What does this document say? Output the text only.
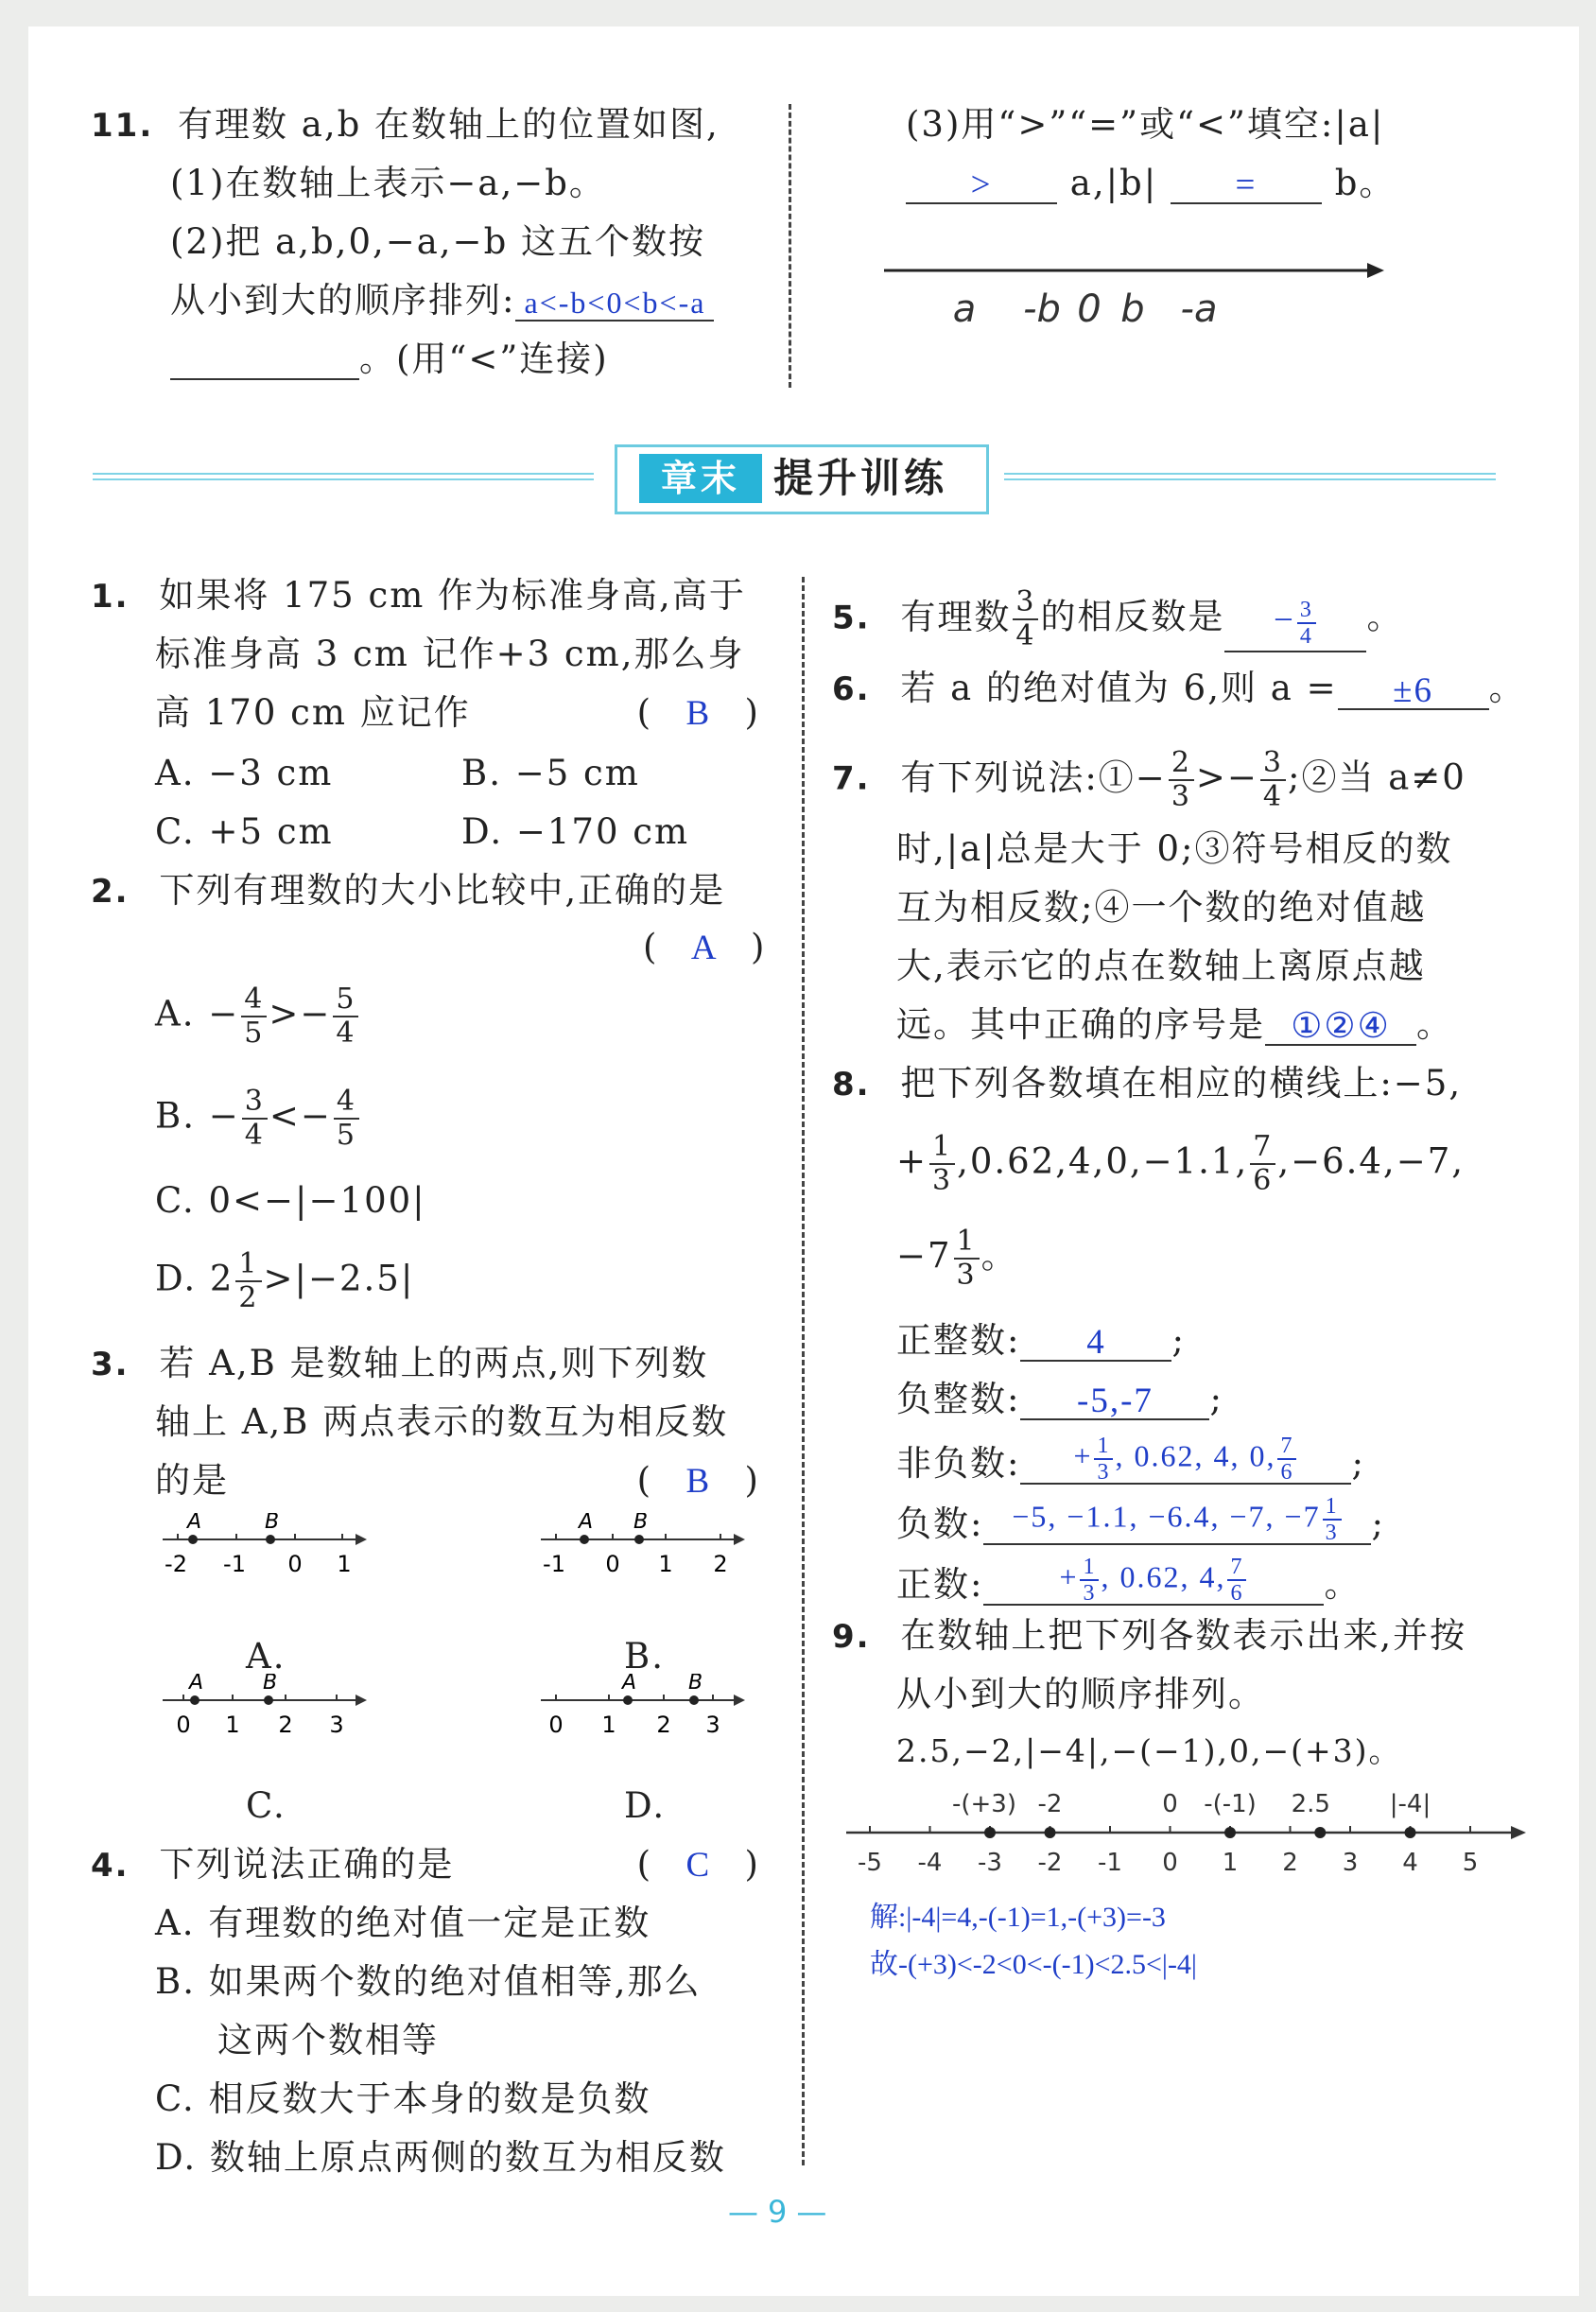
11. 有理数 a,b 在数轴上的位置如图,
(1)在数轴上表示−a,−b。
(2)把 a,b,0,−a,−b 这五个数按
从小到大的顺序排列: a<-b<0<b<-a
。(用“<”连接)
(3)用“>”“=”或“<”填空:|a|
> a,|b| = b。
a -b 0 b -a
章末 提升训练
1. 如果将 175 cm 作为标准身高,高于
标准身高 3 cm 记作+3 cm,那么身
高 170 cm 应记作	( B )
A. −3 cm	B. −5 cm
C. +5 cm	D. −170 cm
2. 下列有理数的大小比较中,正确的是
( A )
A. − $\frac{4}{5} >- \frac{5}{4}$
B. − $\frac{3}{4} <- \frac{4}{5}$
C. 0<−|−100|
D. $2 \frac{1}{2} >|-2.5|$
3. 若 A,B 是数轴上的两点,则下列数
轴上 A,B 两点表示的数互为相反数
的是	( B )
A	B
-2 -1 0 1
A.
A B
-1 0 1 2
B.
A	B
0 1 2 3
C.
A B
0 1 2 3
D.
4. 下列说法正确的是	( C )
A. 有理数的绝对值一定是正数
B. 如果两个数的绝对值相等,那么
这两个数相等
C. 相反数大于本身的数是负数
D. 数轴上原点两侧的数互为相反数
5. 有理数 $\frac{3}{4}$ 的相反数是 − $\frac{3}{4}$ 。
6. 若 a 的绝对值为 6,则 a = ±6 。
7. 有下列说法:①− $\frac{2}{3} >- \frac{3}{4}$ ;②当 a≠0
时,|a|总是大于 0;③符号相反的数
互为相反数;④一个数的绝对值越
大,表示它的点在数轴上离原点越
远。其中正确的序号是 ①②④ 。
8. 把下列各数填在相应的横线上:−5,
+ $\frac{1}{3} ,0.62,4,0,-1.1$, $\frac{7}{6} ,-6.4,-7$,
$-7 \frac{1}{3}$ 。
正整数: 4 ;
负整数: -5,-7 ;
非负数: + $\frac{1}{3}$ , 0.62, 4, 0, $\frac{7}{6}$ ;
负数: −5, −1.1, −6.4, −7, $-7 \frac{1}{3}$ ;
正数: + $\frac{1}{3}$ , 0.62, 4, $\frac{7}{6}$ 。
9. 在数轴上把下列各数表示出来,并按
从小到大的顺序排列。
2.5,−2,|−4|,−(−1),0,−(+3)。
-5 -4 -3 -2 -1 0 1 2 3 4 5
-(+3) -2	0 -(-1) 2.5 |-4|
解:|-4|=4,-(-1)=1,-(+3)=-3
故-(+3)<-2<0<-(-1)<2.5<|-4|
—9—
